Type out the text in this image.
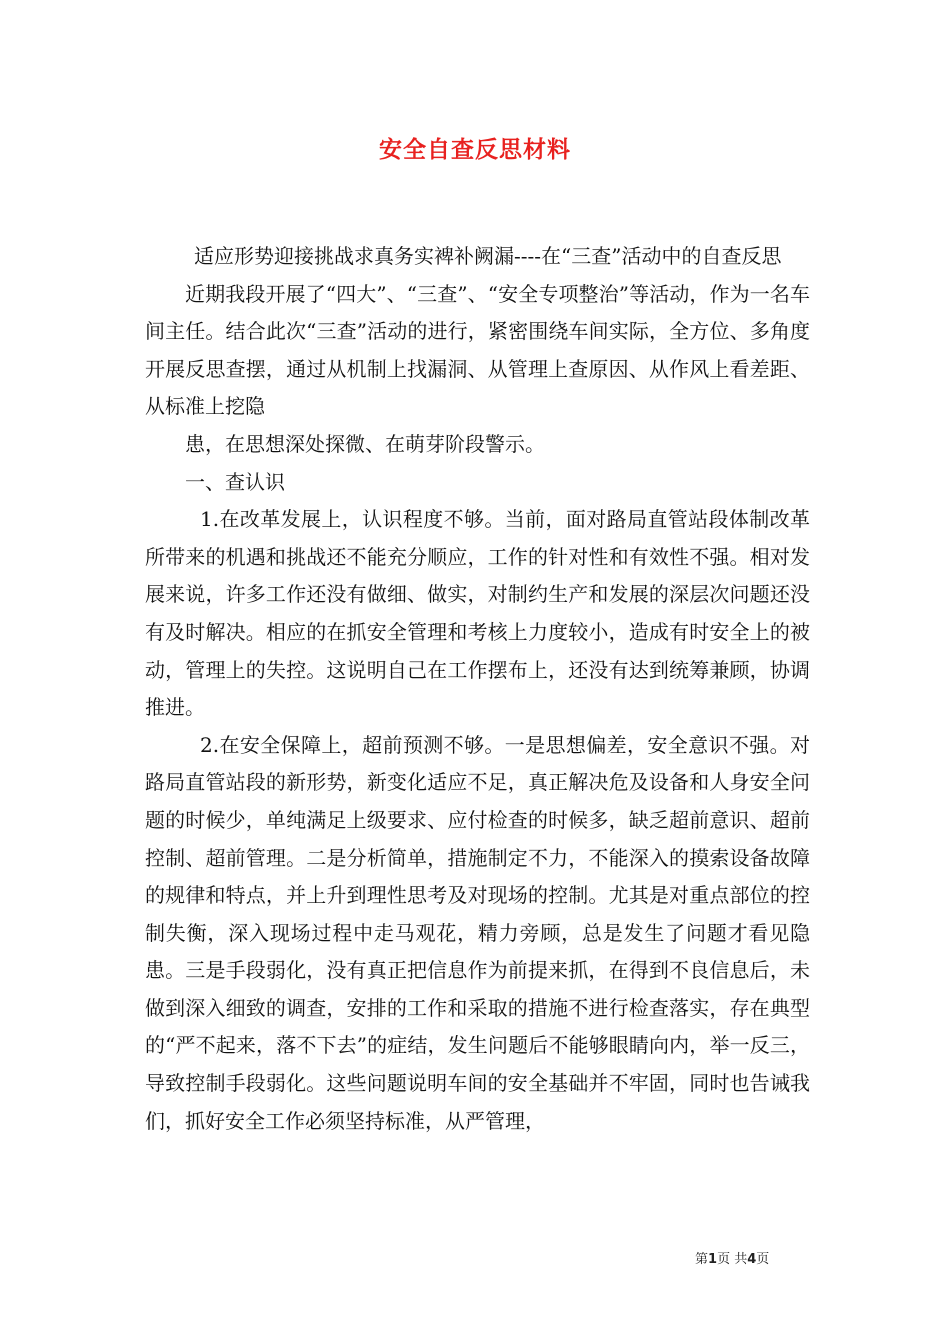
安全自查反思材料

适应形势迎接挑战求真务实裨补阙漏----在“三查”活动中的自查反思

近期我段开展了“四大”、“三查”、“安全专项整治”等活动，作为一名车间主任。结合此次“三查”活动的进行，紧密围绕车间实际，全方位、多角度开展反思查摆，通过从机制上找漏洞、从管理上查原因、从作风上看差距、从标准上挖隐

患，在思想深处探微、在萌芽阶段警示。

一、查认识

1.在改革发展上，认识程度不够。当前，面对路局直管站段体制改革所带来的机遇和挑战还不能充分顺应，工作的针对性和有效性不强。相对发展来说，许多工作还没有做细、做实，对制约生产和发展的深层次问题还没有及时解决。相应的在抓安全管理和考核上力度较小，造成有时安全上的被动，管理上的失控。这说明自己在工作摆布上，还没有达到统筹兼顾，协调推进。

2.在安全保障上，超前预测不够。一是思想偏差，安全意识不强。对路局直管站段的新形势，新变化适应不足，真正解决危及设备和人身安全问题的时候少，单纯满足上级要求、应付检查的时候多，缺乏超前意识、超前控制、超前管理。二是分析简单，措施制定不力，不能深入的摸索设备故障的规律和特点，并上升到理性思考及对现场的控制。尤其是对重点部位的控制失衡，深入现场过程中走马观花，精力旁顾，总是发生了问题才看见隐患。三是手段弱化，没有真正把信息作为前提来抓，在得到不良信息后，未做到深入细致的调查，安排的工作和采取的措施不进行检查落实，存在典型的“严不起来，落不下去”的症结，发生问题后不能够眼睛向内，举一反三，导致控制手段弱化。这些问题说明车间的安全基础并不牢固，同时也告诫我们，抓好安全工作必须坚持标准，从严管理，

第1页 共4页
